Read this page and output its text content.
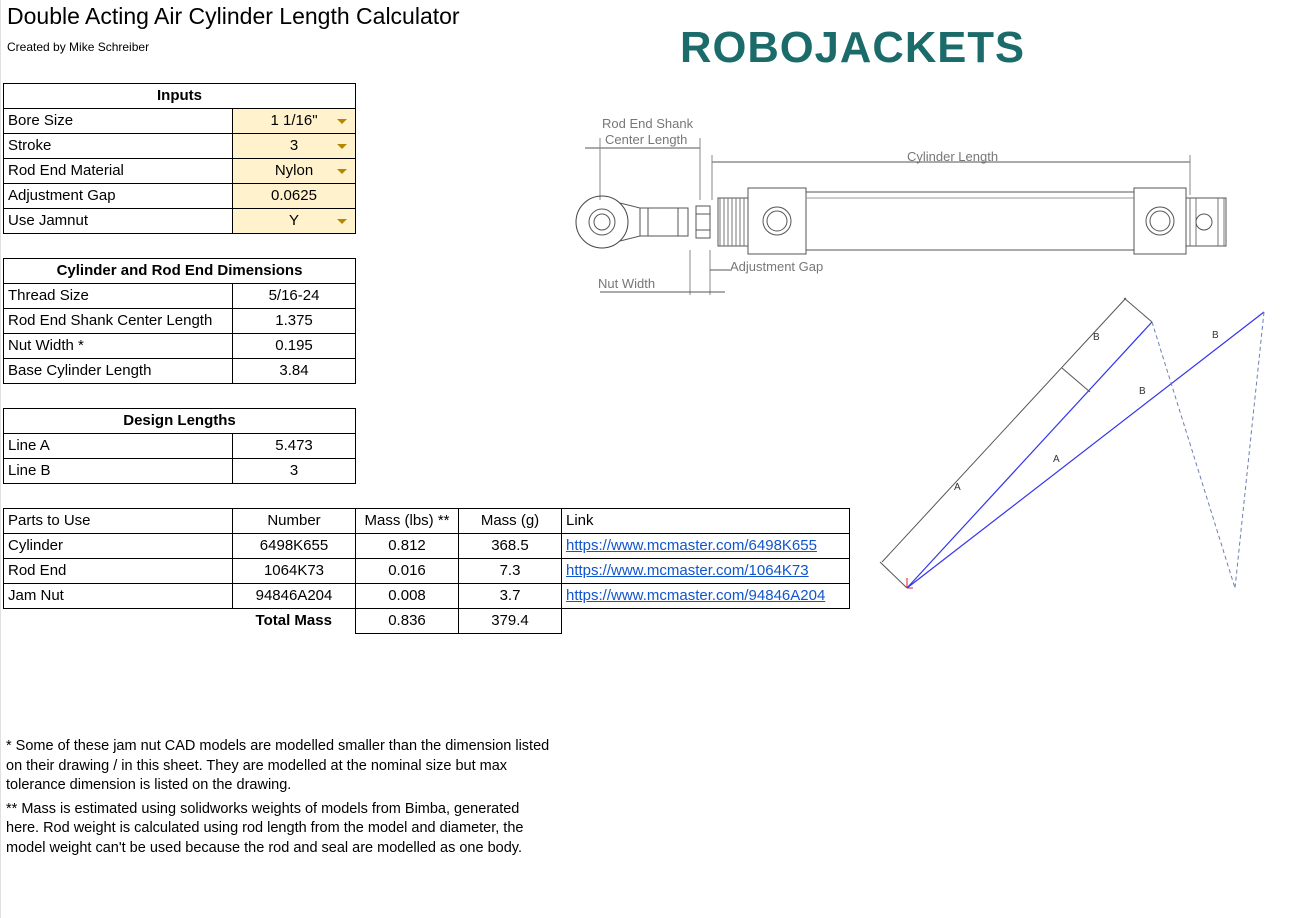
Double Acting Air Cylinder Length Calculator
Created by Mike Schreiber	ROBOJACKETS
Inputs	
Bore Size	1 1/16"

Stroke	3

Rod End Material	Nylon

Adjustment Gap	0.0625
Use Jamnut	Y
Cylinder and Rod End Dimensions	
Thread Size	5/16-24
Rod End Shank Center Length	1.375
Nut Width *	0.195
Base Cylinder Length	3.84
Design Lengths	
Line A	5.473
Line B	3
Parts to Use	Number	Mass (lbs) **	Mass (g)	Link
Cylinder	6498K655	0.812	368.5	https://www.mcmaster.com/6498K655
Rod End	1064K73	0.016	7.3	https://www.mcmaster.com/1064K73
Jam Nut	94846A204	0.008	3.7	https://www.mcmaster.com/94846A204
	Total Mass	0.836	379.4	
Rod End Shank
Center Length
Cylinder Length
Adjustment Gap
Nut Width
A
B
A
B
B

* Some of these jam nut CAD models are modelled smaller than the dimension listed on their drawing / in this sheet. They are modelled at the nominal size but max tolerance dimension is listed on the drawing.

** Mass is estimated using solidworks weights of models from Bimba, generated here. Rod weight is calculated using rod length from the model and diameter, the model weight can't be used because the rod and seal are modelled as one body.
